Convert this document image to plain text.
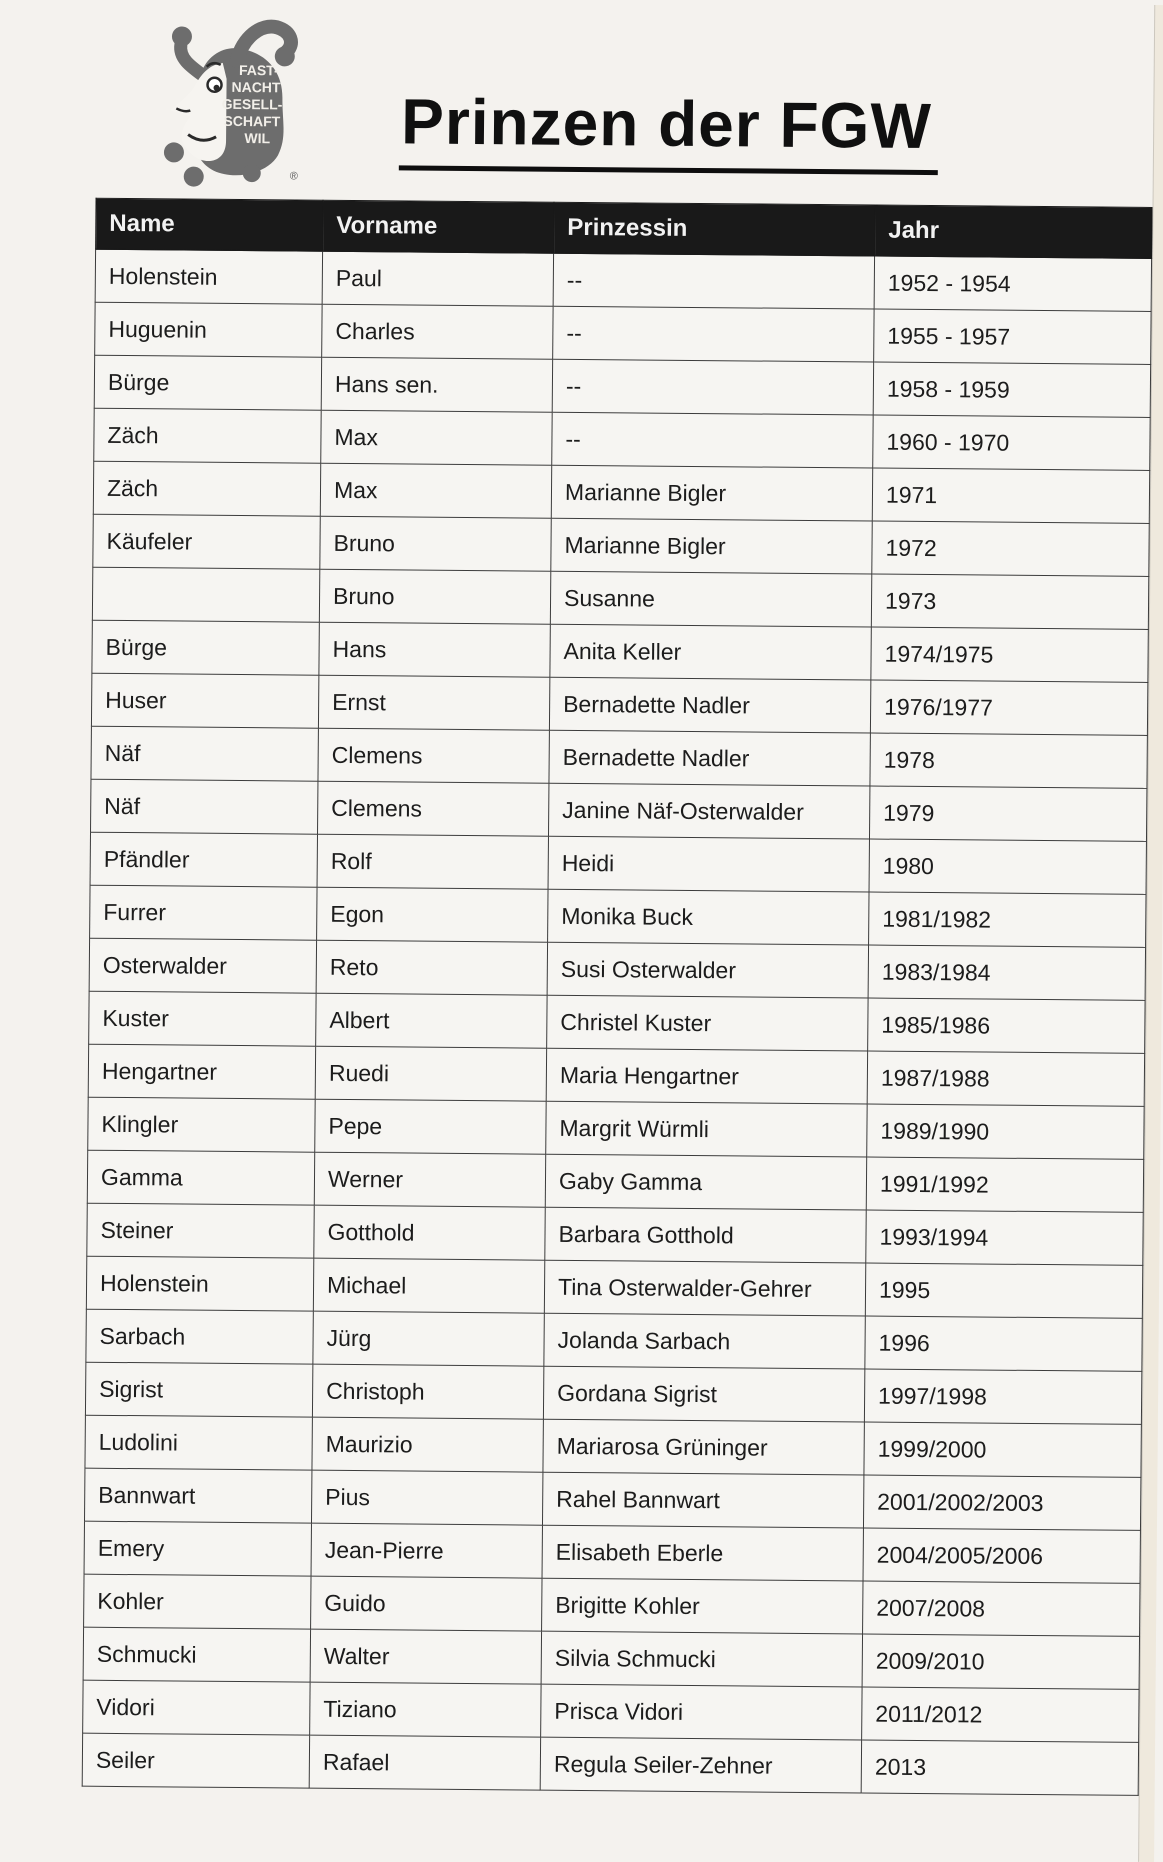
FAST-
NACHT
GESELL-
SCHAFT
WIL
®
Prinzen der FGW
Name	Vorname	Prinzessin	Jahr
Holenstein	Paul	--	1952 - 1954
Huguenin	Charles	--	1955 - 1957
Bürge	Hans sen.	--	1958 - 1959
Zäch	Max	--	1960 - 1970
Zäch	Max	Marianne Bigler	1971
Käufeler	Bruno	Marianne Bigler	1972
	Bruno	Susanne	1973
Bürge	Hans	Anita Keller	1974/1975
Huser	Ernst	Bernadette Nadler	1976/1977
Näf	Clemens	Bernadette Nadler	1978
Näf	Clemens	Janine Näf-Osterwalder	1979
Pfändler	Rolf	Heidi	1980
Furrer	Egon	Monika Buck	1981/1982
Osterwalder	Reto	Susi Osterwalder	1983/1984
Kuster	Albert	Christel Kuster	1985/1986
Hengartner	Ruedi	Maria Hengartner	1987/1988
Klingler	Pepe	Margrit Würmli	1989/1990
Gamma	Werner	Gaby Gamma	1991/1992
Steiner	Gotthold	Barbara Gotthold	1993/1994
Holenstein	Michael	Tina Osterwalder-Gehrer	1995
Sarbach	Jürg	Jolanda Sarbach	1996
Sigrist	Christoph	Gordana Sigrist	1997/1998
Ludolini	Maurizio	Mariarosa Grüninger	1999/2000
Bannwart	Pius	Rahel Bannwart	2001/2002/2003
Emery	Jean-Pierre	Elisabeth Eberle	2004/2005/2006
Kohler	Guido	Brigitte Kohler	2007/2008
Schmucki	Walter	Silvia Schmucki	2009/2010
Vidori	Tiziano	Prisca Vidori	2011/2012
Seiler	Rafael	Regula Seiler-Zehner	2013
